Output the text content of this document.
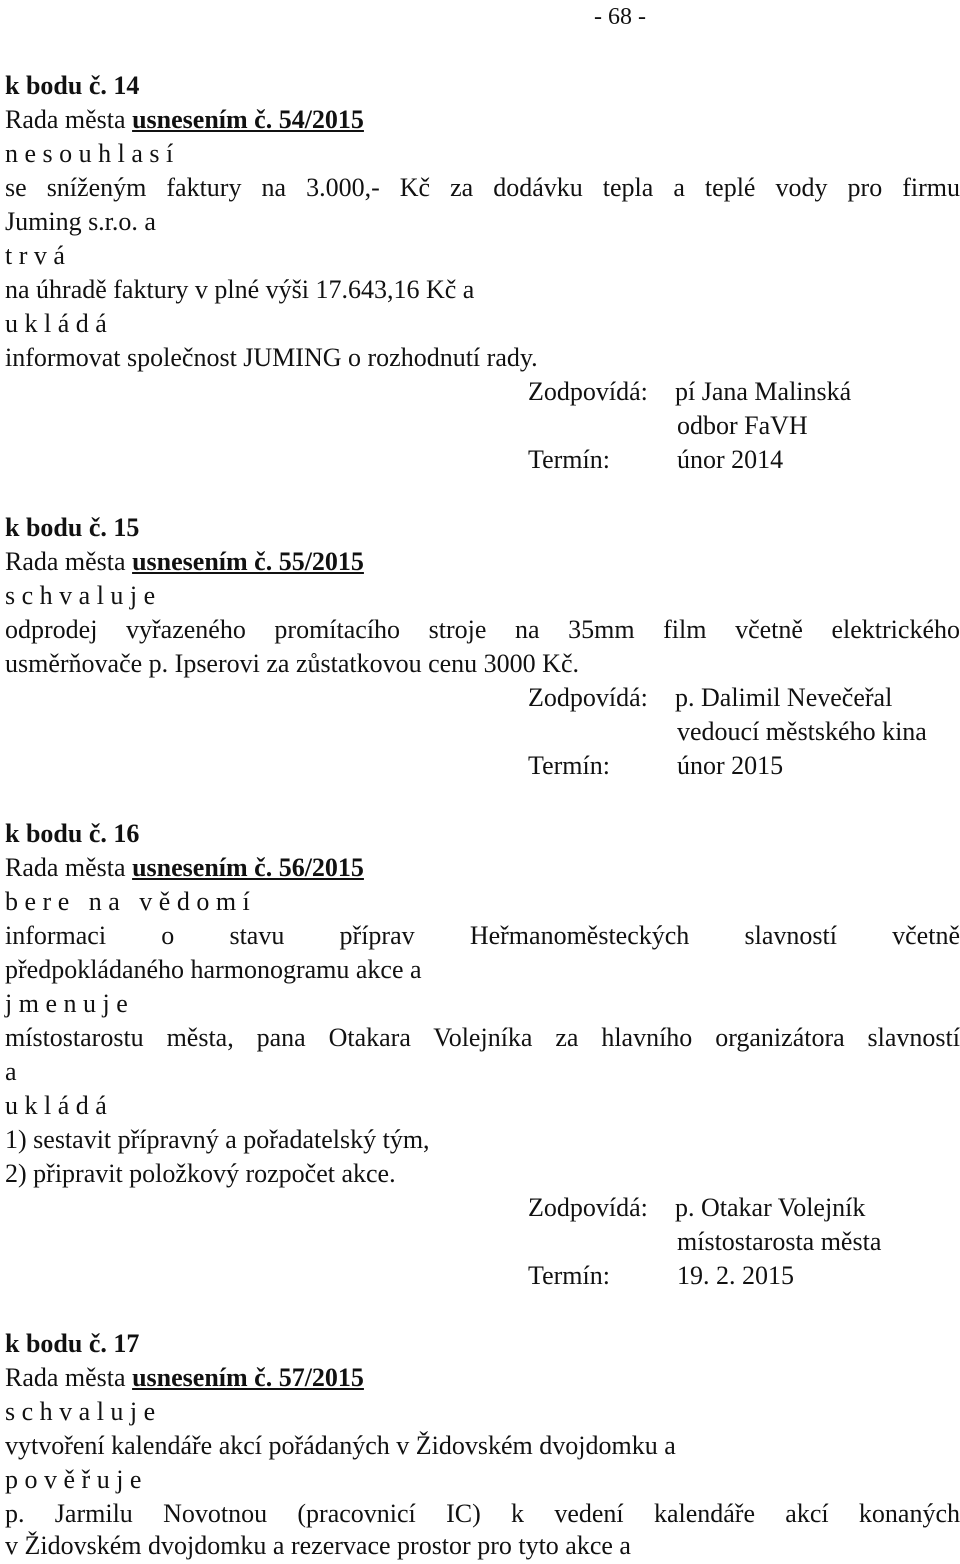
- 68 -
k bodu č. 14
Rada města usnesením č. 54/2015
n e s o u h l a s í
se sníženým faktury na 3.000,- Kč za dodávku tepla a teplé vody pro firmu
Juming s.r.o. a
t r v á
na úhradě faktury v plné výši 17.643,16 Kč a
u k l á d á
informovat společnost JUMING o rozhodnutí rady.
Zodpovídá: pí Jana Malinská
odbor FaVH
Termín:	únor 2014
k bodu č. 15
Rada města usnesením č. 55/2015
s c h v a l u j e
odprodej vyřazeného promítacího stroje na 35mm film včetně elektrického
usměrňovače p. Ipserovi za zůstatkovou cenu 3000 Kč.
Zodpovídá: p. Dalimil Nevečeřal
vedoucí městského kina
Termín:	únor 2015
k bodu č. 16
Rada města usnesením č. 56/2015
b e r e   n a   v ě d o m í
informaci o stavu příprav Heřmanoměsteckých slavností včetně
předpokládaného harmonogramu akce a
j m e n u j e
místostarostu města, pana Otakara Volejníka za hlavního organizátora slavností
a
u k l á d á
1) sestavit přípravný a pořadatelský tým,
2) připravit položkový rozpočet akce.
Zodpovídá: p. Otakar Volejník
místostarosta města
Termín:	19. 2. 2015
k bodu č. 17
Rada města usnesením č. 57/2015
s c h v a l u j e
vytvoření kalendáře akcí pořádaných v Židovském dvojdomku a
p o v ě ř u j e
p. Jarmilu Novotnou (pracovnicí IC) k vedení kalendáře akcí konaných
v Židovském dvojdomku a rezervace prostor pro tyto akce a
